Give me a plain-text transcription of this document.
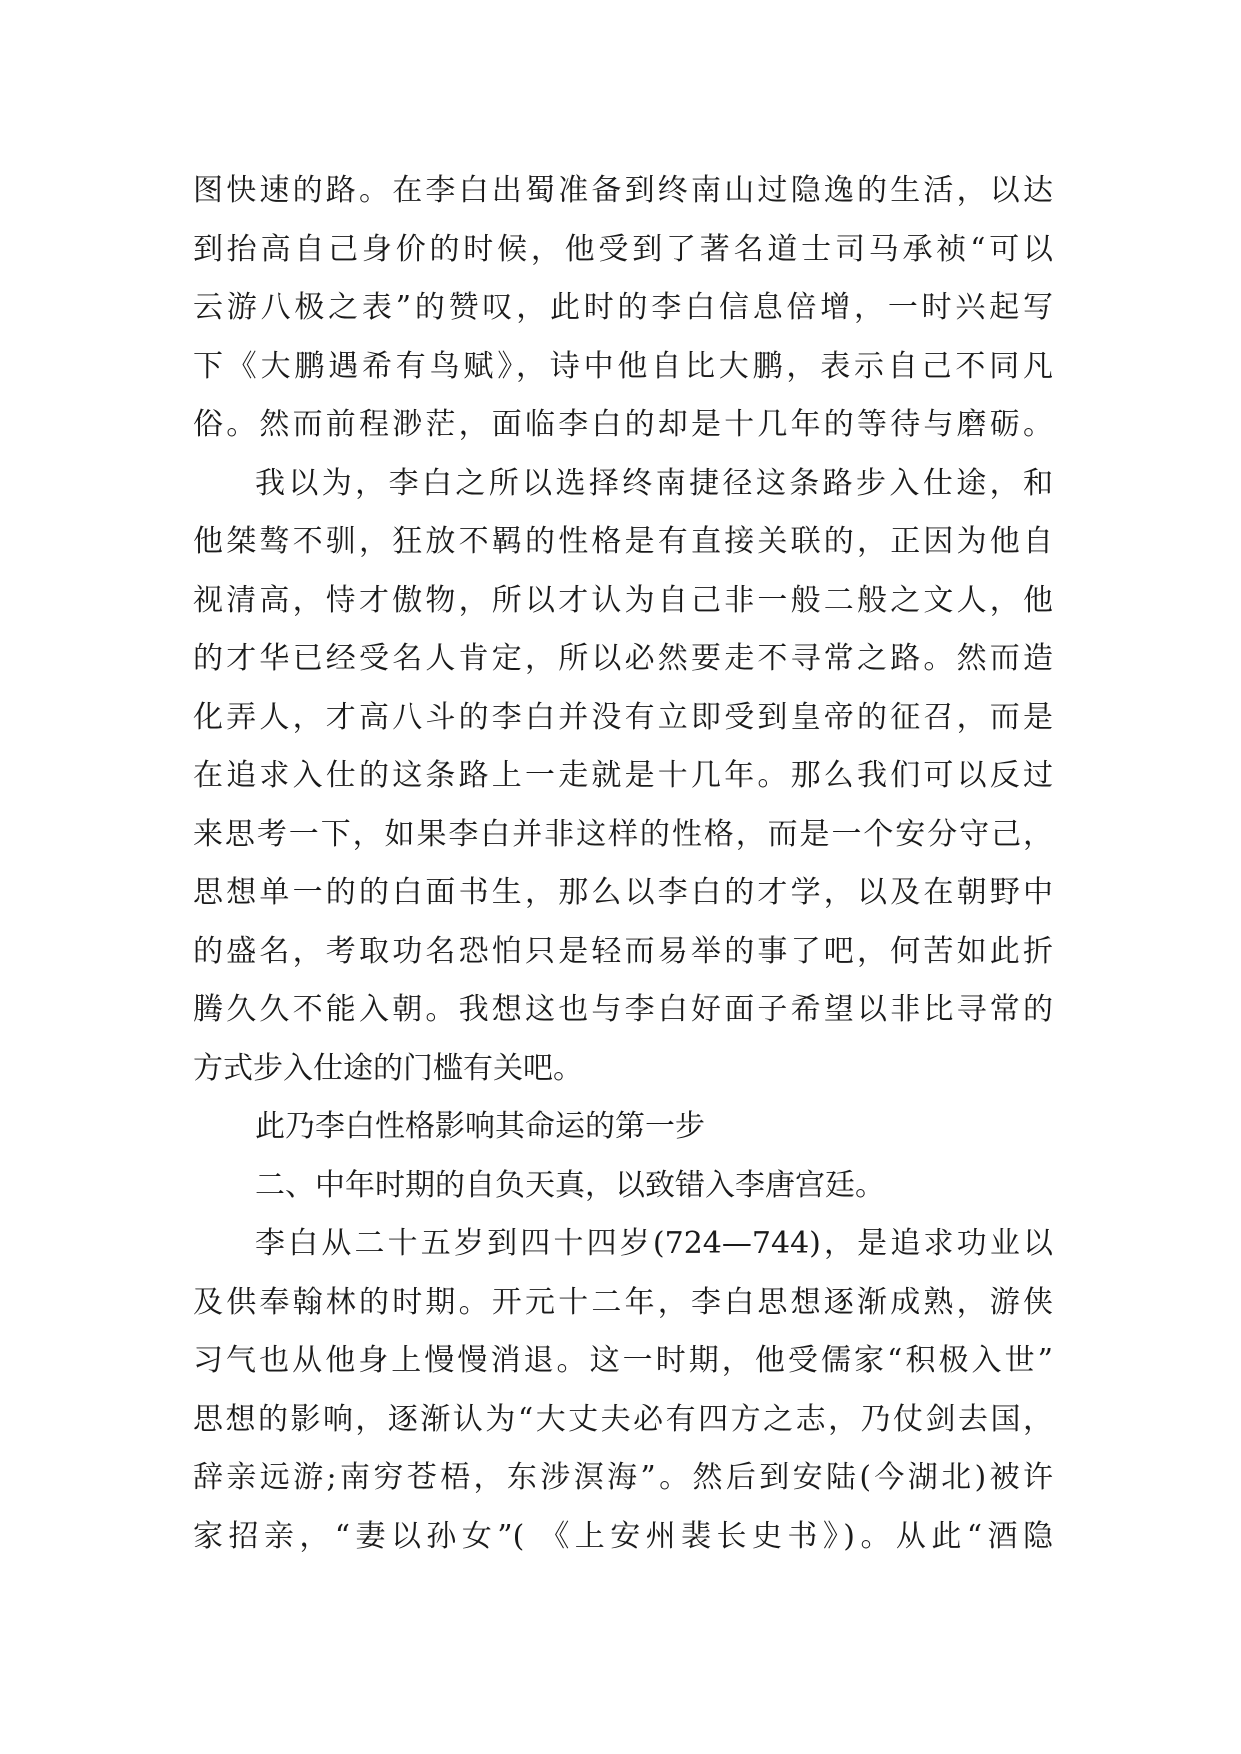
图快速的路。在李白出蜀准备到终南山过隐逸的生活，以达
到抬高自己身价的时候，他受到了著名道士司马承祯“可以
云游八极之表”的赞叹，此时的李白信息倍增，一时兴起写
下《大鹏遇希有鸟赋》，诗中他自比大鹏，表示自己不同凡
俗。然而前程渺茫，面临李白的却是十几年的等待与磨砺。
我以为，李白之所以选择终南捷径这条路步入仕途，和
他桀骜不驯，狂放不羁的性格是有直接关联的，正因为他自
视清高，恃才傲物，所以才认为自己非一般二般之文人，他
的才华已经受名人肯定，所以必然要走不寻常之路。然而造
化弄人，才高八斗的李白并没有立即受到皇帝的征召，而是
在追求入仕的这条路上一走就是十几年。那么我们可以反过
来思考一下，如果李白并非这样的性格，而是一个安分守己，
思想单一的的白面书生，那么以李白的才学，以及在朝野中
的盛名，考取功名恐怕只是轻而易举的事了吧，何苦如此折
腾久久不能入朝。我想这也与李白好面子希望以非比寻常的
方式步入仕途的门槛有关吧。
此乃李白性格影响其命运的第一步
二、中年时期的自负天真，以致错入李唐宫廷。
李白从二十五岁到四十四岁(724—744)，是追求功业以
及供奉翰林的时期。开元十二年，李白思想逐渐成熟，游侠
习气也从他身上慢慢消退。这一时期，他受儒家“积极入世”
思想的影响，逐渐认为“大丈夫必有四方之志，乃仗剑去国，
辞亲远游;南穷苍梧，东涉溟海”。然后到安陆(今湖北)被许
家招亲，“妻以孙女”( 《上安州裴长史书》)。从此“酒隐
